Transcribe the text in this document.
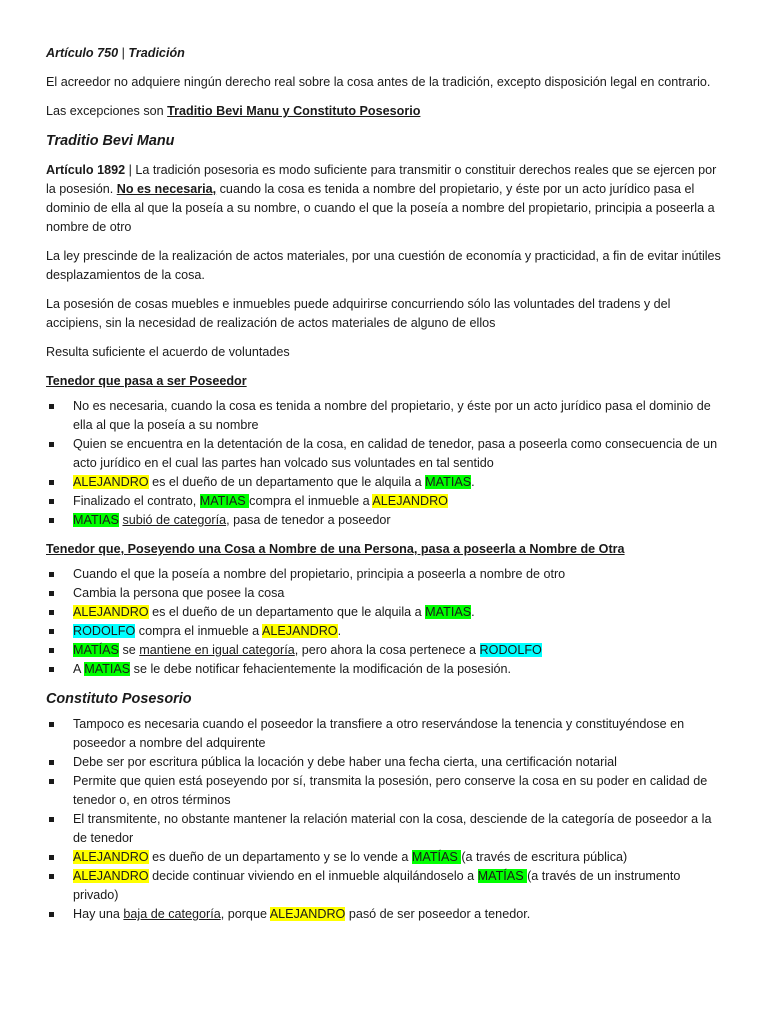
Artículo 750 | Tradición

El acreedor no adquiere ningún derecho real sobre la cosa antes de la tradición, excepto disposición legal en contrario.

Las excepciones son Traditio Bevi Manu y Constituto Posesorio

Traditio Bevi Manu

Artículo 1892 | La tradición posesoria es modo suficiente para transmitir o constituir derechos reales que se ejercen por la posesión. No es necesaria, cuando la cosa es tenida a nombre del propietario, y éste por un acto jurídico pasa el dominio de ella al que la poseía a su nombre, o cuando el que la poseía a nombre del propietario, principia a poseerla a nombre de otro

La ley prescinde de la realización de actos materiales, por una cuestión de economía y practicidad, a fin de evitar inútiles desplazamientos de la cosa.

La posesión de cosas muebles e inmuebles puede adquirirse concurriendo sólo las voluntades del tradens y del accipiens, sin la necesidad de realización de actos materiales de alguno de ellos

Resulta suficiente el acuerdo de voluntades

Tenedor que pasa a ser Poseedor

No es necesaria, cuando la cosa es tenida a nombre del propietario, y éste por un acto jurídico pasa el dominio de ella al que la poseía a su nombre
Quien se encuentra en la detentación de la cosa, en calidad de tenedor, pasa a poseerla como consecuencia de un acto jurídico en el cual las partes han volcado sus voluntades en tal sentido
ALEJANDRO es el dueño de un departamento que le alquila a MATIAS.
Finalizado el contrato, MATIAS compra el inmueble a ALEJANDRO
MATIAS subió de categoría, pasa de tenedor a poseedor

Tenedor que, Poseyendo una Cosa a Nombre de una Persona, pasa a poseerla a Nombre de Otra

Cuando el que la poseía a nombre del propietario, principia a poseerla a nombre de otro
Cambia la persona que posee la cosa
ALEJANDRO es el dueño de un departamento que le alquila a MATIAS.
RODOLFO compra el inmueble a ALEJANDRO.
MATÍAS se mantiene en igual categoría, pero ahora la cosa pertenece a RODOLFO
A MATIAS se le debe notificar fehacientemente la modificación de la posesión.
Constituto Posesorio
Tampoco es necesaria cuando el poseedor la transfiere a otro reservándose la tenencia y constituyéndose en poseedor a nombre del adquirente
Debe ser por escritura pública la locación y debe haber una fecha cierta, una certificación notarial
Permite que quien está poseyendo por sí, transmita la posesión, pero conserve la cosa en su poder en calidad de tenedor o, en otros términos
El transmitente, no obstante mantener la relación material con la cosa, desciende de la categoría de poseedor a la de tenedor
ALEJANDRO es dueño de un departamento y se lo vende a MATÍAS (a través de escritura pública)
ALEJANDRO decide continuar viviendo en el inmueble alquilándoselo a MATÍAS (a través de un instrumento privado)
Hay una baja de categoría, porque ALEJANDRO pasó de ser poseedor a tenedor.
